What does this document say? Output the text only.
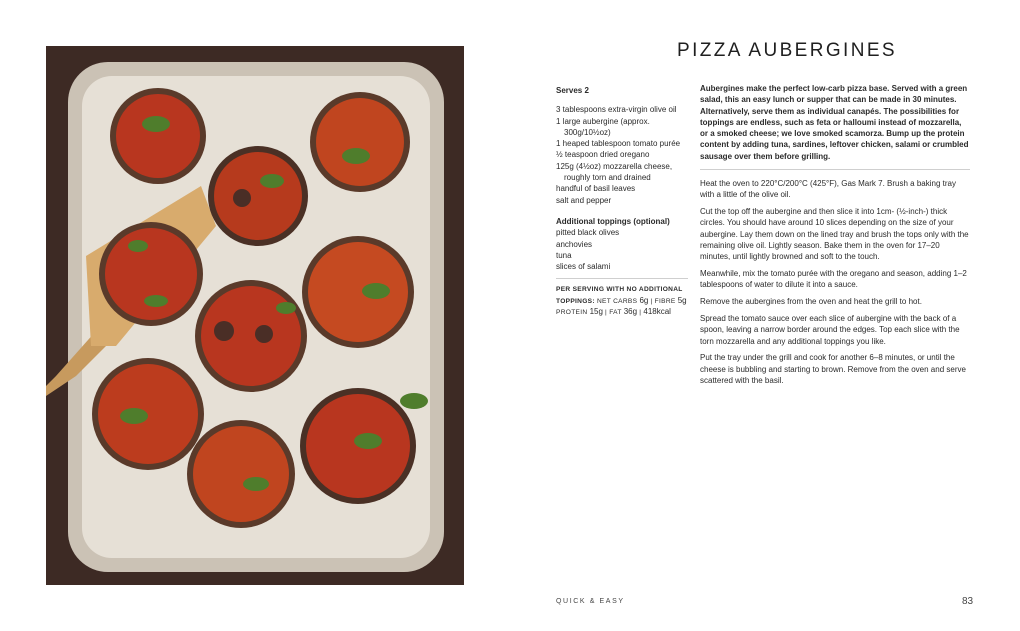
PIZZA AUBERGINES
Serves 2
3 tablespoons extra-virgin olive oil
1 large aubergine (approx. 300g/10½oz)
1 heaped tablespoon tomato purée
½ teaspoon dried oregano
125g (4½oz) mozzarella cheese, roughly torn and drained
handful of basil leaves
salt and pepper
Additional toppings (optional)
pitted black olives
anchovies
tuna
slices of salami
PER SERVING WITH NO ADDITIONAL TOPPINGS: NET CARBS 6g | FIBRE 5g
PROTEIN 15g | FAT 36g | 418kcal

Aubergines make the perfect low-carb pizza base. Served with a green salad, this an easy lunch or supper that can be made in 30 minutes. Alternatively, serve them as individual canapés. The possibilities for toppings are endless, such as feta or halloumi instead of mozzarella, or a smoked cheese; we love smoked scamorza. Bump up the protein content by adding tuna, sardines, leftover chicken, salami or crumbled sausage over them before grilling.

Heat the oven to 220°C/200°C (425°F), Gas Mark 7. Brush a baking tray with a little of the olive oil.

Cut the top off the aubergine and then slice it into 1cm- (½-inch-) thick circles. You should have around 10 slices depending on the size of your aubergine. Lay them down on the lined tray and brush the tops only with the remaining olive oil. Lightly season. Bake them in the oven for 17–20 minutes, until lightly browned and soft to the touch.

Meanwhile, mix the tomato purée with the oregano and season, adding 1–2 tablespoons of water to dilute it into a sauce.

Remove the aubergines from the oven and heat the grill to hot.

Spread the tomato sauce over each slice of aubergine with the back of a spoon, leaving a narrow border around the edges. Top each slice with the torn mozzarella and any additional toppings you like.

Put the tray under the grill and cook for another 6–8 minutes, or until the cheese is bubbling and starting to brown. Remove from the oven and serve scattered with the basil.

QUICK & EASY	83
